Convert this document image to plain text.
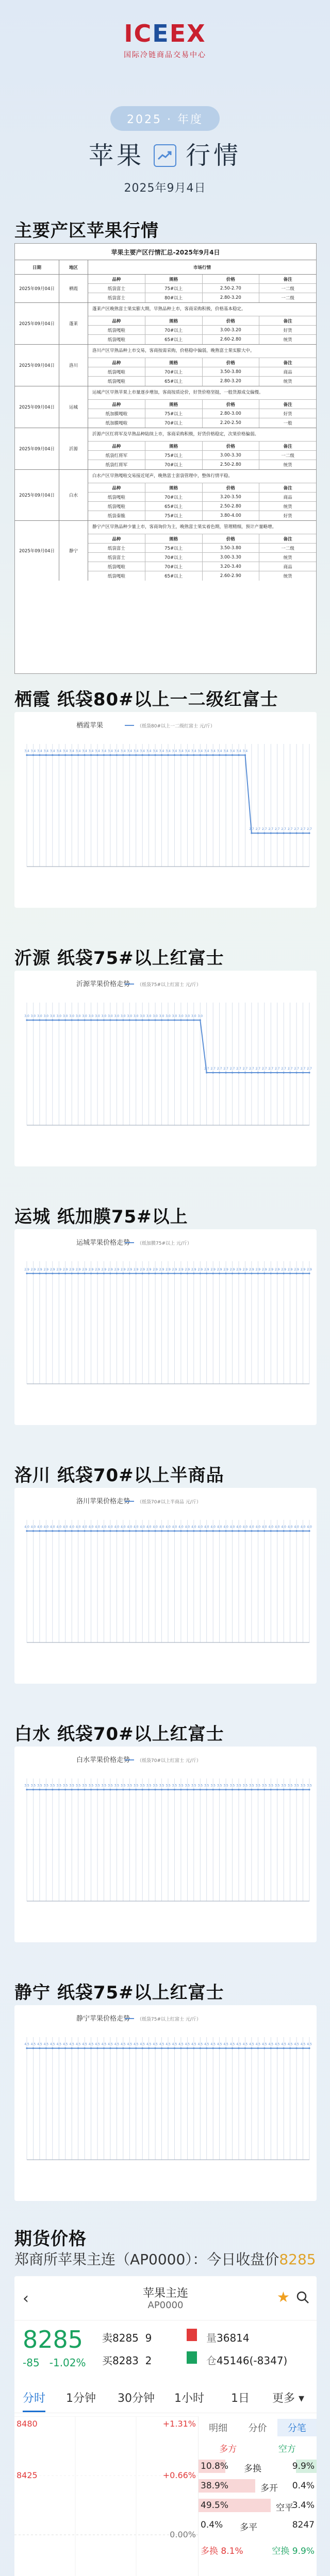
ICEEX
国际冷链商品交易中心
2025 · 年度
苹果 行情
2025年9月4日
主要产区苹果行情
苹果主要产区行情汇总-2025年9月4日
日期	地区	市场行情
2025年09月04日	栖霞
品种	规格	价格	备注
纸袋富士	75#以上	2.50-2.70	一二级
纸袋富士	80#以上	2.80-3.20	一二级
2025年09月04日	蓬莱
蓬莱产区晚熟富士果实膨大期，早熟品种上市，客商采购积极，价格基本稳定。
品种	规格	价格	备注
纸袋嘎啦	70#以上	3.00-3.20	好货
纸袋嘎啦	65#以上	2.60-2.80	统货
2025年09月04日	洛川
洛川产区早熟品种上市交易，客商按需采购，价格稳中偏弱，晚熟富士果实膨大中。
品种	规格	价格	备注
纸袋嘎啦	70#以上	3.50-3.80	商品
纸袋嘎啦	65#以上	2.80-3.20	统货
2025年09月04日	运城
运城产区早熟苹果上市量逐步增加，客商按质论价，好货价格坚挺，一般货源成交偏慢。
品种	规格	价格	备注
纸加膜嘎啦	75#以上	2.80-3.00	好货
纸加膜嘎啦	70#以上	2.20-2.50	一般
2025年09月04日	沂源
沂源产区红将军及早熟品种陆续上市，客商采购积极，好货价格稳定，次果价格偏弱。
品种	规格	价格	备注
纸袋红将军	75#以上	3.00-3.30	一二级
纸袋红将军	70#以上	2.50-2.80	统货
2025年09月04日	白水
白水产区早熟嘎啦交易接近尾声，晚熟富士套袋管理中，整体行情平稳。
品种	规格	价格	备注
纸袋嘎啦	70#以上	3.20-3.50	商品
纸袋嘎啦	65#以上	2.50-2.80	统货
纸袋秦脆	75#以上	3.80-4.00	好货
2025年09月04日	静宁
静宁产区早熟品种少量上市，客商询价为主，晚熟富士果实着色期，管理精细，预计产量略增。
品种	规格	价格	备注
纸袋富士	75#以上	3.50-3.80	一二级
纸袋富士	70#以上	3.00-3.30	统货
纸袋嘎啦	70#以上	3.20-3.40	商品
纸袋嘎啦	65#以上	2.60-2.90	统货
栖霞 纸袋80#以上一二级红富士
栖霞苹果	（纸袋80#以上一二级红富士 元/斤）
3.4 3.4 3.4 3.4 3.4 3.4 3.4 3.4 3.4 3.4 3.4 3.4 3.4 3.4 3.4 3.4 3.4 3.4 3.4 3.4 3.4 3.4 3.4 3.4 3.4 3.4 3.4 3.4 3.4 3.4 3.4 3.4 3.4 3.4 3.4
2.7 2.7 2.7 2.7 2.7 2.7 2.7 2.7 2.7 2.7
沂源 纸袋75#以上红富士
沂源苹果价格走势 （纸袋75#以上红富士 元/斤）
3.0 3.0 3.0 3.0 3.0 3.0 3.0 3.0 3.0 3.0 3.0 3.0 3.0 3.0 3.0 3.0 3.0 3.0 3.0 3.0 3.0 3.0 3.0 3.0 3.0 3.0 3.0 3.0
2.7 2.7 2.7 2.7 2.7 2.7 2.7 2.7 2.7 2.7 2.7 2.7 2.7 2.7 2.7 2.7 2.7
运城 纸加膜75#以上
运城苹果价格走势 （纸加膜75#以上 元/斤）
2.9 2.9 2.9 2.9 2.9 2.9 2.9 2.9 2.9 2.9 2.9 2.9 2.9 2.9 2.9 2.9 2.9 2.9 2.9 2.9 2.9 2.9 2.9 2.9 2.9 2.9 2.9 2.9 2.9 2.9 2.9 2.9 2.9 2.9 2.9 2.9 2.9 2.9 2.9 2.9 2.9 2.9 2.9 2.9 2.9
洛川 纸袋70#以上半商品
洛川苹果价格走势 （纸袋70#以上半商品 元/斤）
4.0 4.0 4.0 4.0 4.0 4.0 4.0 4.0 4.0 4.0 4.0 4.0 4.0 4.0 4.0 4.0 4.0 4.0 4.0 4.0 4.0 4.0 4.0 4.0 4.0 4.0 4.0 4.0 4.0 4.0 4.0 4.0 4.0 4.0 4.0 4.0 4.0 4.0 4.0 4.0 4.0 4.0 4.0 4.0 4.0
白水 纸袋70#以上红富士
白水苹果价格走势 （纸袋70#以上红富士 元/斤）
3.5 3.5 3.5 3.5 3.5 3.5 3.5 3.5 3.5 3.5 3.5 3.5 3.5 3.5 3.5 3.5 3.5 3.5 3.5 3.5 3.5 3.5 3.5 3.5 3.5 3.5 3.5 3.5 3.5 3.5 3.5 3.5 3.5 3.5 3.5 3.5 3.5 3.5 3.5 3.5 3.5 3.5 3.5 3.5 3.5
静宁 纸袋75#以上红富士
静宁苹果价格走势 （纸袋75#以上红富士 元/斤）
4.5 4.5 4.5 4.5 4.5 4.5 4.5 4.5 4.5 4.5 4.5 4.5 4.5 4.5 4.5 4.5 4.5 4.5 4.5 4.5 4.5 4.5 4.5 4.5 4.5 4.5 4.5 4.5 4.5 4.5 4.5 4.5 4.5 4.5 4.5 4.5 4.5 4.5 4.5 4.5 4.5 4.5 4.5 4.5 4.5
期货价格
郑商所苹果主连（AP0000）：今日收盘价8285
‹	苹果主连
AP0000	★
8285
-85 -1.02%
卖8285 9
买8283 2
量36814
仓45146(-8347)
分时 1分钟 30分钟 1小时 1日 更多 ▾
8480	+1.31%
8425	+0.66%
0.00%
明细	分价	分笔
多方	空方
10.8% 多换	9.9%
38.9%	多开 0.4%
49.5%	空平
3.4%
0.4% 多平	8247
多换 8.1%	空换 9.9%
